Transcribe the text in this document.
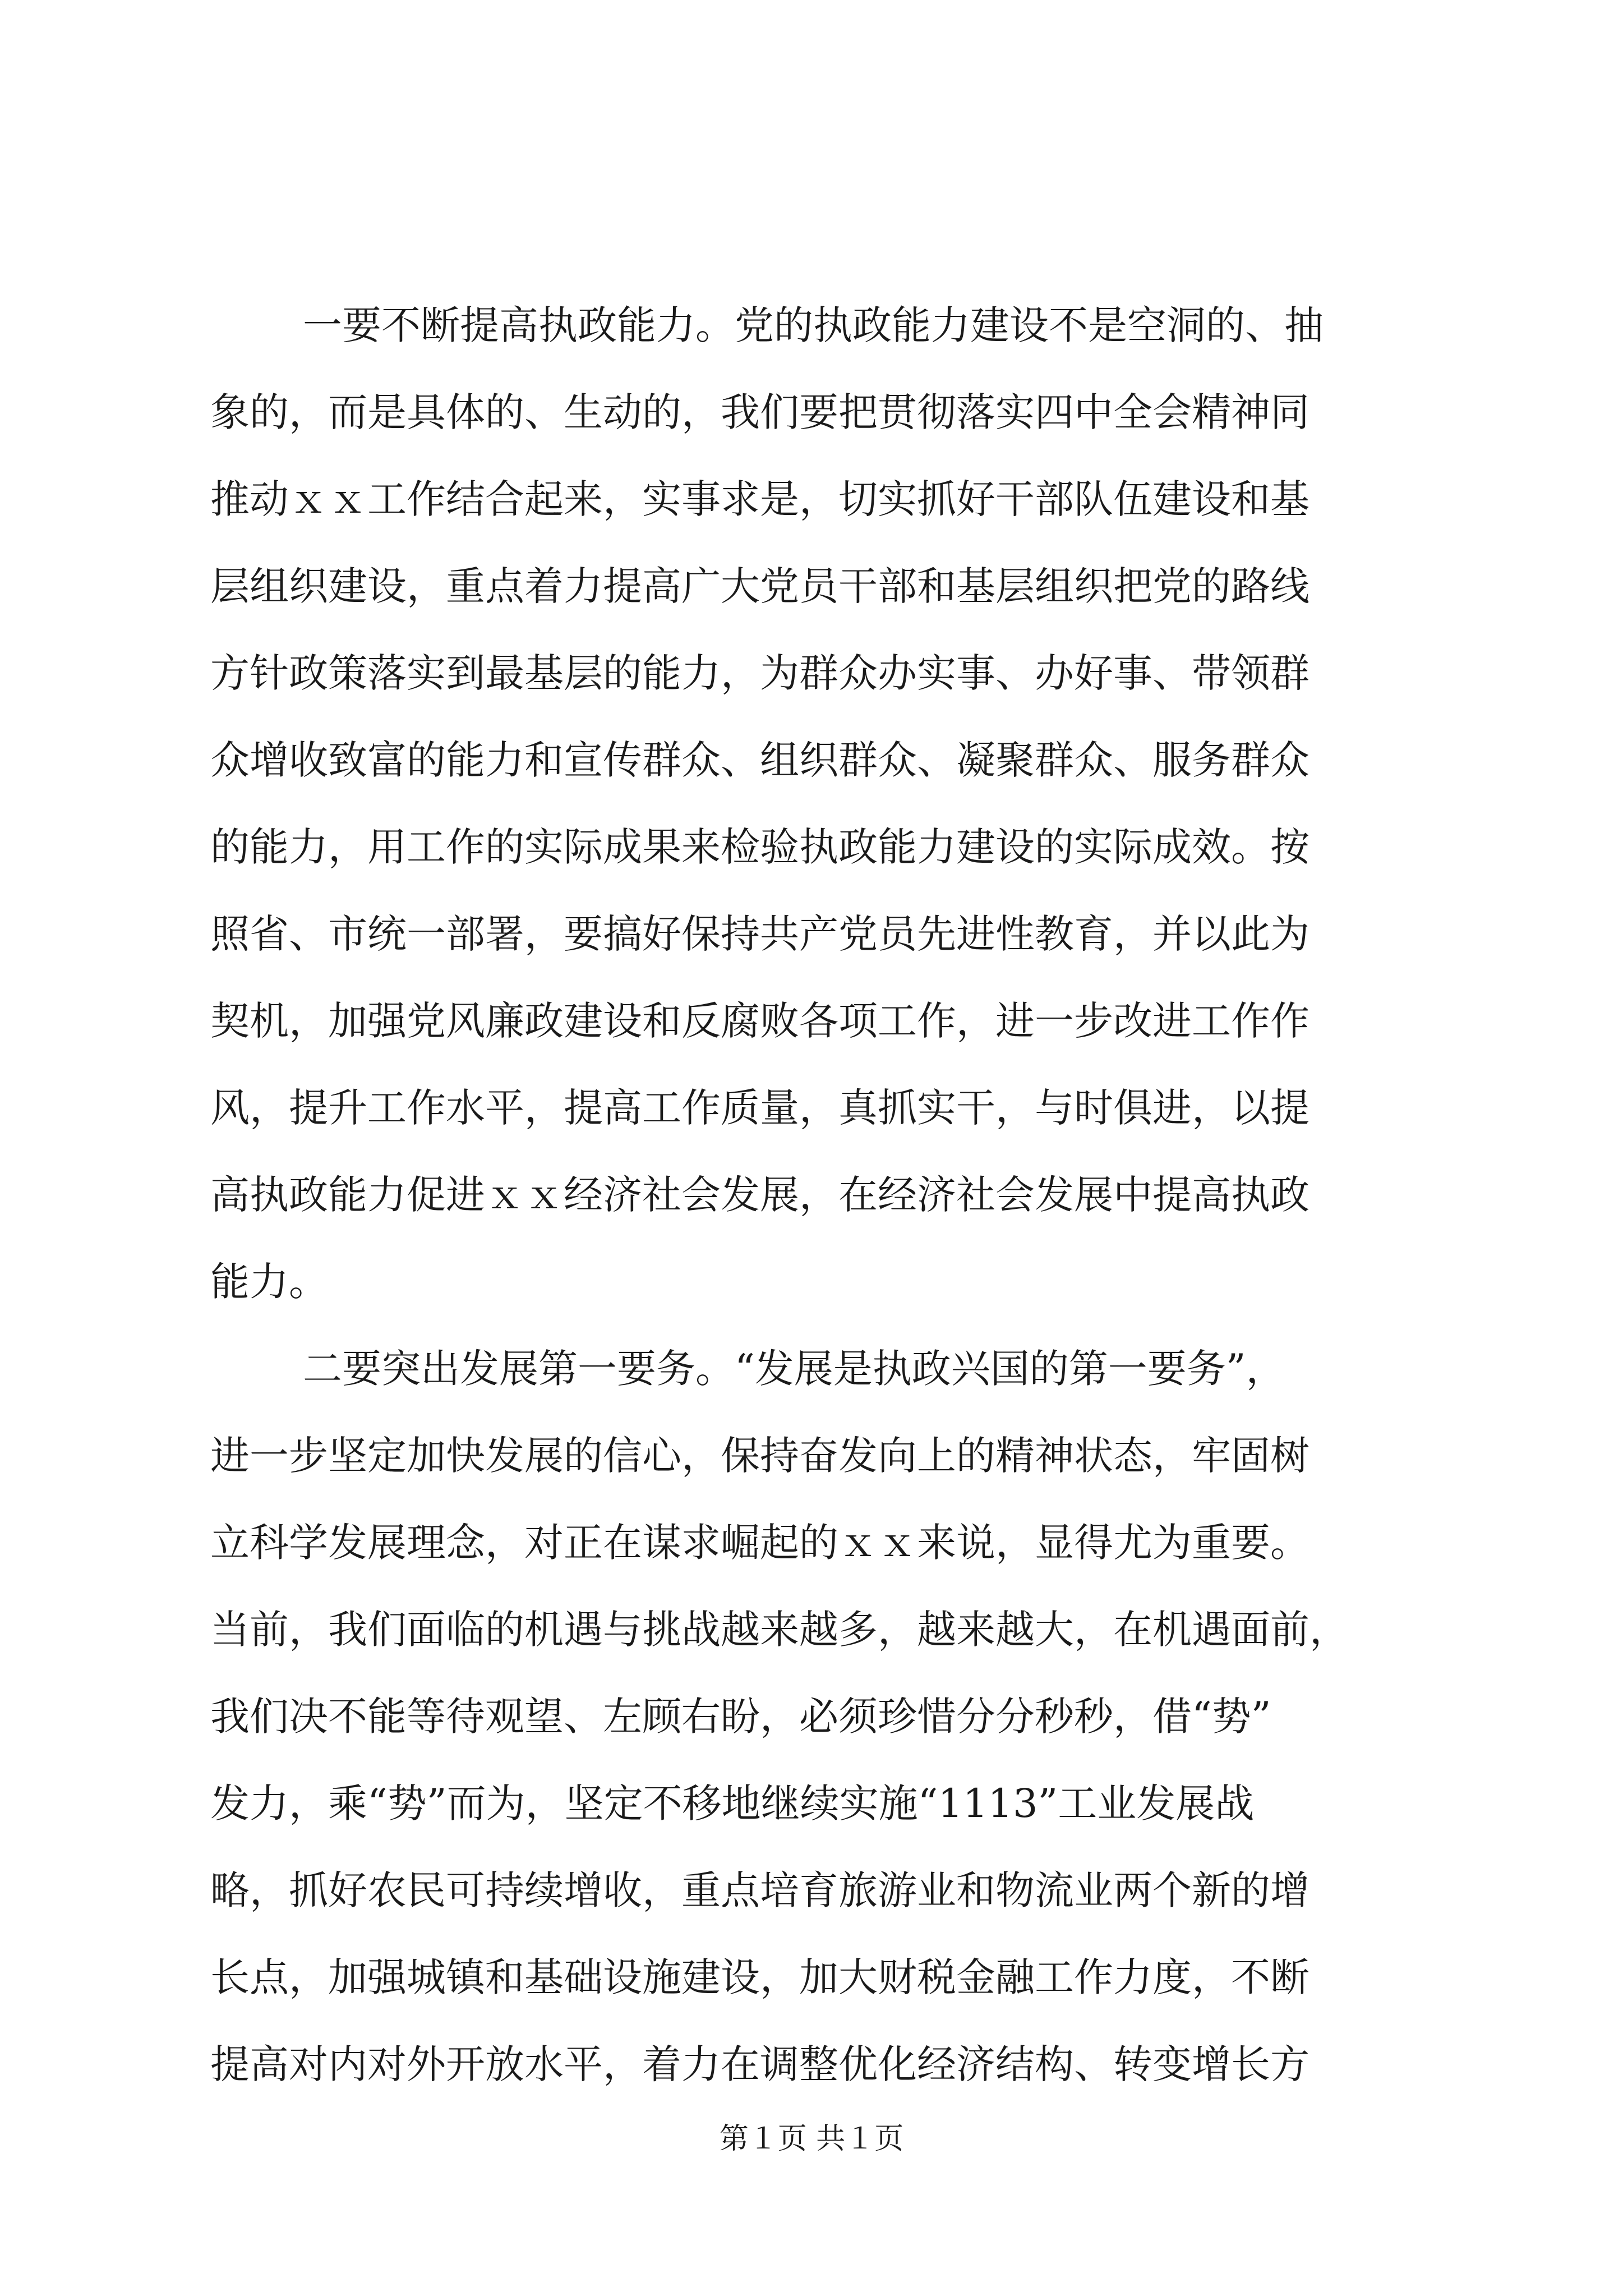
一要不断提高执政能力。党的执政能力建设不是空洞的、抽
象的，而是具体的、生动的，我们要把贯彻落实四中全会精神同
推动ｘｘ工作结合起来，实事求是，切实抓好干部队伍建设和基
层组织建设，重点着力提高广大党员干部和基层组织把党的路线
方针政策落实到最基层的能力，为群众办实事、办好事、带领群
众增收致富的能力和宣传群众、组织群众、凝聚群众、服务群众
的能力，用工作的实际成果来检验执政能力建设的实际成效。按
照省、市统一部署，要搞好保持共产党员先进性教育，并以此为
契机，加强党风廉政建设和反腐败各项工作，进一步改进工作作
风，提升工作水平，提高工作质量，真抓实干，与时俱进，以提
高执政能力促进ｘｘ经济社会发展，在经济社会发展中提高执政
能力。
二要突出发展第一要务。“发展是执政兴国的第一要务”，
进一步坚定加快发展的信心，保持奋发向上的精神状态，牢固树
立科学发展理念，对正在谋求崛起的ｘｘ来说，显得尤为重要。
当前，我们面临的机遇与挑战越来越多，越来越大，在机遇面前，
我们决不能等待观望、左顾右盼，必须珍惜分分秒秒，借“势”
发力，乘“势”而为，坚定不移地继续实施“1113”工业发展战
略，抓好农民可持续增收，重点培育旅游业和物流业两个新的增
长点，加强城镇和基础设施建设，加大财税金融工作力度，不断
提高对内对外开放水平，着力在调整优化经济结构、转变增长方
第１页 共１页
